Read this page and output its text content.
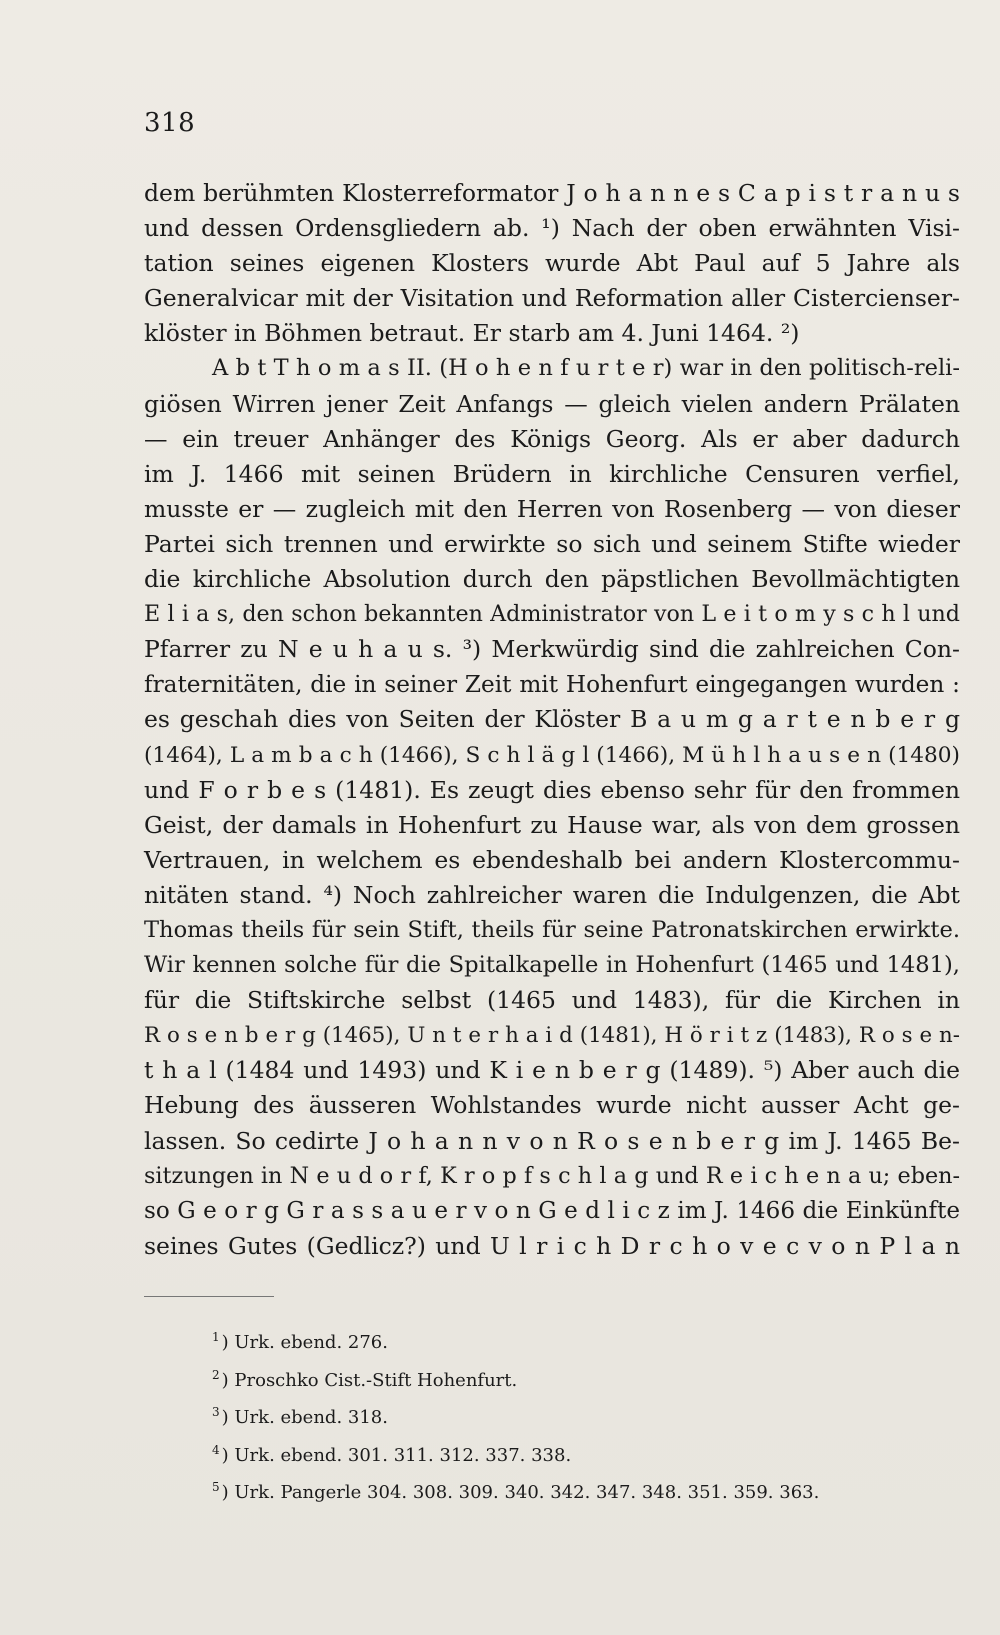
318
dem berühmten Klosterreformator J o h a n n e s C a p i s t r a n u s
und dessen Ordensgliedern ab. ¹) Nach der oben erwähnten Visi-
tation seines eigenen Klosters wurde Abt Paul auf 5 Jahre als
Generalvicar mit der Visitation und Reformation aller Cistercienser-
klöster in Böhmen betraut. Er starb am 4. Juni 1464. ²)
A b t T h o m a s II. (H o h e n f u r t e r) war in den politisch-reli-
giösen Wirren jener Zeit Anfangs — gleich vielen andern Prälaten
— ein treuer Anhänger des Königs Georg. Als er aber dadurch
im J. 1466 mit seinen Brüdern in kirchliche Censuren verfiel,
musste er — zugleich mit den Herren von Rosenberg — von dieser
Partei sich trennen und erwirkte so sich und seinem Stifte wieder
die kirchliche Absolution durch den päpstlichen Bevollmächtigten
E l i a s, den schon bekannten Administrator von L e i t o m y s c h l und
Pfarrer zu N e u h a u s. ³) Merkwürdig sind die zahlreichen Con-
fraternitäten, die in seiner Zeit mit Hohenfurt eingegangen wurden :
es geschah dies von Seiten der Klöster B a u m g a r t e n b e r g
(1464), L a m b a c h (1466), S c h l ä g l (1466), M ü h l h a u s e n (1480)
und F o r b e s (1481). Es zeugt dies ebenso sehr für den frommen
Geist, der damals in Hohenfurt zu Hause war, als von dem grossen
Vertrauen, in welchem es ebendeshalb bei andern Klostercommu-
nitäten stand. ⁴) Noch zahlreicher waren die Indulgenzen, die Abt
Thomas theils für sein Stift, theils für seine Patronatskirchen erwirkte.
Wir kennen solche für die Spitalkapelle in Hohenfurt (1465 und 1481),
für die Stiftskirche selbst (1465 und 1483), für die Kirchen in
R o s e n b e r g (1465), U n t e r h a i d (1481), H ö r i t z (1483), R o s e n-
t h a l (1484 und 1493) und K i e n b e r g (1489). ⁵) Aber auch die
Hebung des äusseren Wohlstandes wurde nicht ausser Acht ge-
lassen. So cedirte J o h a n n v o n R o s e n b e r g im J. 1465 Be-
sitzungen in N e u d o r f, K r o p f s c h l a g und R e i c h e n a u; eben-
so G e o r g G r a s s a u e r v o n G e d l i c z im J. 1466 die Einkünfte
seines Gutes (Gedlicz?) und U l r i c h D r c h o v e c v o n P l a n
$^1$ ) Urk. ebend. 276.
$^2$ ) Proschko Cist.-Stift Hohenfurt.
$^3$ ) Urk. ebend. 318.
$^4$ ) Urk. ebend. 301. 311. 312. 337. 338.
$^5$ ) Urk. Pangerle 304. 308. 309. 340. 342. 347. 348. 351. 359. 363.
